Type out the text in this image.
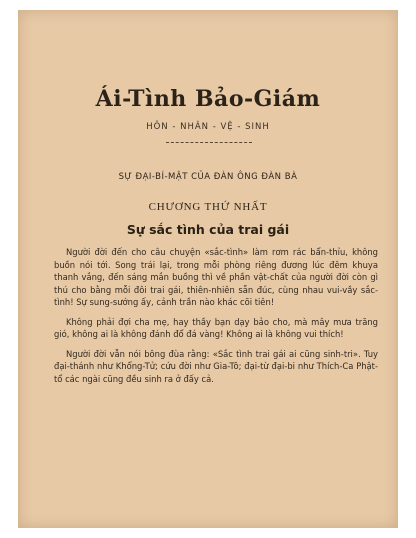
Ái-Tình Bảo-Giám
HÔN - NHÂN - VỆ - SINH
SỰ ĐẠI-BÍ-MẬT CỦA ĐÀN ÔNG ĐÀN BÀ
CHƯƠNG THỨ NHẤT
Sự sắc tình của trai gái

Người đời đến cho câu chuyện «sắc-tình» làm rơm rác bẩn-thỉu, không buồn nói tới. Song trái lại, trong mỗi phòng riêng đương lúc đêm khuya thanh vắng, đến sáng mắn buồng thì về phần vật-chất của người đời còn gì thú cho bằng mỗi đôi trai gái, thiên-nhiên sẵn đúc, cùng nhau vui-vầy sắc-tình! Sự sung-sướng ấy, cảnh trần nào khác cõi tiên!

Không phải đợi cha mẹ, hay thầy bạn dạy bảo cho, mà mây mưa trăng gió, không ai là không đánh đổ đá vàng! Không ai là không vui thích!

Người đời vẫn nói bông đùa rằng: «Sắc tình trai gái ai cũng sinh-tri». Tuy đại-thánh như Khổng-Tử; cứu đời như Gia-Tô; đại-từ đại-bi như Thích-Ca Phật-tổ các ngài cũng đều sinh ra ở đấy cả.
